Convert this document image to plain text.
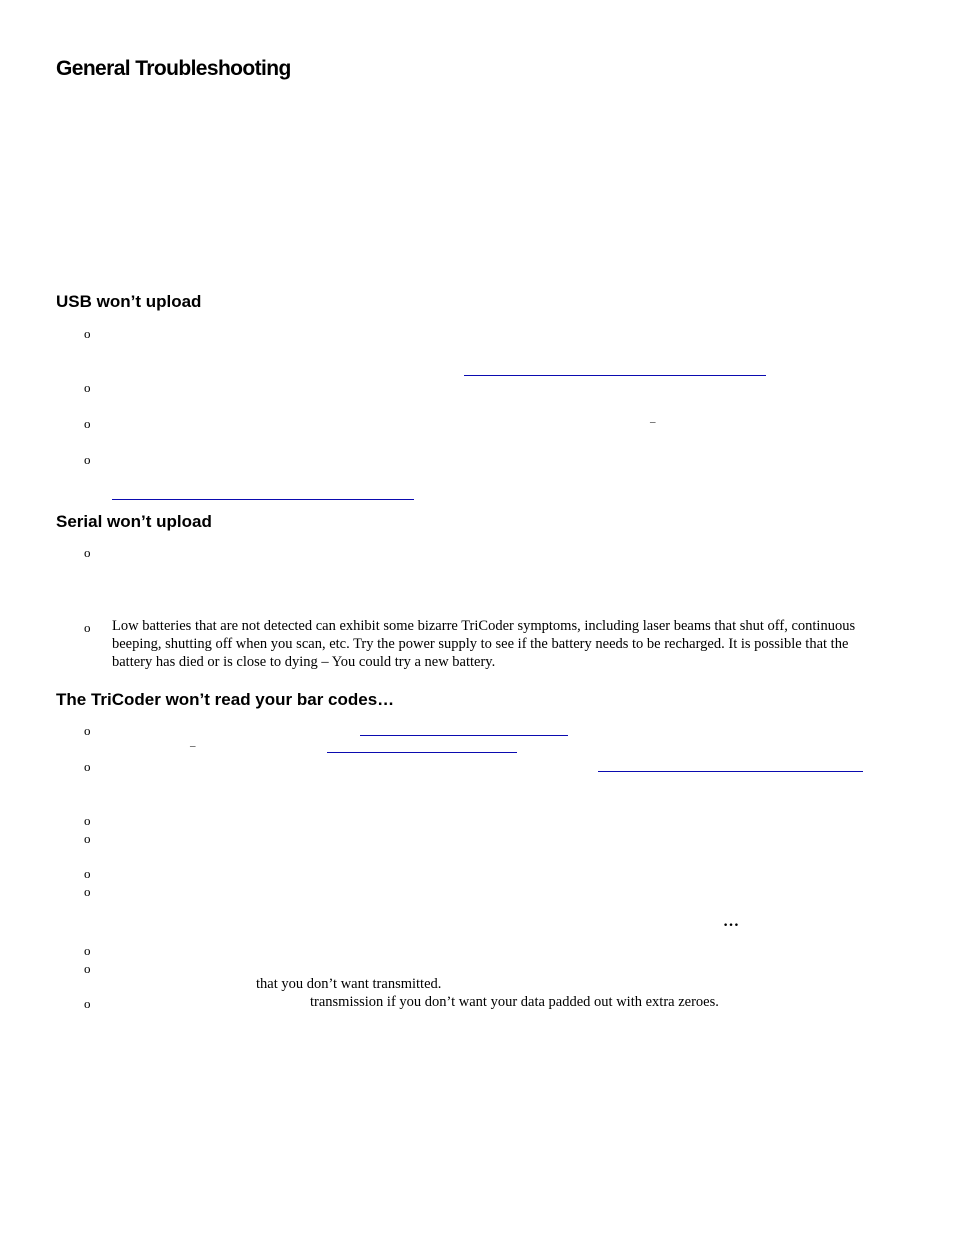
General Troubleshooting
USB won’t upload
o
o
o	–
o
Serial won’t upload
o
o Low batteries that are not detected can exhibit some bizarre TriCoder symptoms, including laser beams that shut off, continuous beeping, shutting off when you scan, etc. Try the power supply to see if the battery needs to be recharged. It is possible that the battery has died or is close to dying – You could try a new battery.
The TriCoder won’t read your bar codes…
o
–
o
o
o
o
o
…
o
o
that you don’t want transmitted.
o	transmission if you don’t want your data padded out with extra zeroes.
